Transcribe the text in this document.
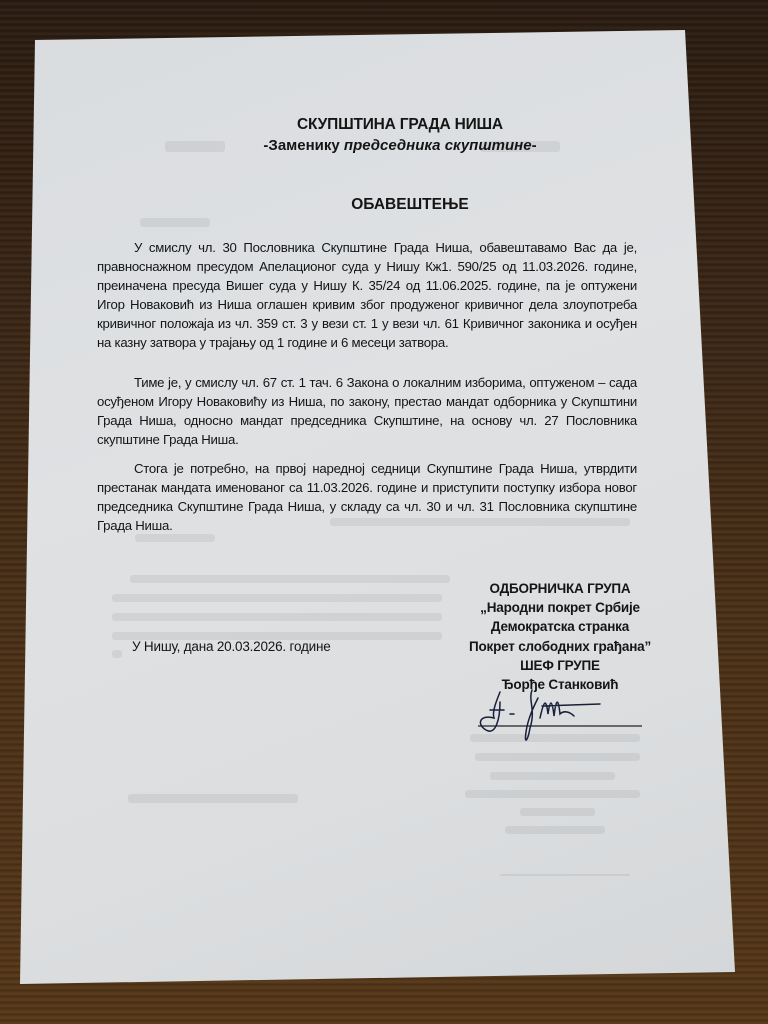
СКУПШТИНА ГРАДА НИША
-Заменику председника скупштине-
ОБАВЕШТЕЊЕ
У смислу чл. 30 Пословника Скупштине Града Ниша, обавештавамо Вас да је, правноснажном пресудом Апелационог суда у Нишу Кж1. 590/25 од 11.03.2026. године, преиначена пресуда Вишег суда у Нишу К. 35/24 од 11.06.2025. године, па је оптужени Игор Новаковић из Ниша оглашен кривим због продуженог кривичног дела злоупотреба кривичног положаја из чл. 359 ст. 3 у вези ст. 1 у вези чл. 61 Кривичног законика и осуђен на казну затвора у трајању од 1 године и 6 месеци затвора.
Тиме је, у смислу чл. 67 ст. 1 тач. 6 Закона о локалним изборима, оптуженом – сада осуђеном Игору Новаковићу из Ниша, по закону, престао мандат одборника у Скупштини Града Ниша, односно мандат председника Скупштине, на основу чл. 27 Пословника скупштине Града Ниша.
Стога је потребно, на првој наредној седници Скупштине Града Ниша, утврдити престанак мандата именованог са 11.03.2026. године и приступити поступку избора новог председника Скупштине Града Ниша, у складу са чл. 30 и чл. 31 Пословника скупштине Града Ниша.
У Нишу, дана 20.03.2026. године
ОДБОРНИЧКА ГРУПА
„Народни покрет Србије
Демократска странка
Покрет слободних грађана”
ШЕФ ГРУПЕ
Ђорђе Станковић
